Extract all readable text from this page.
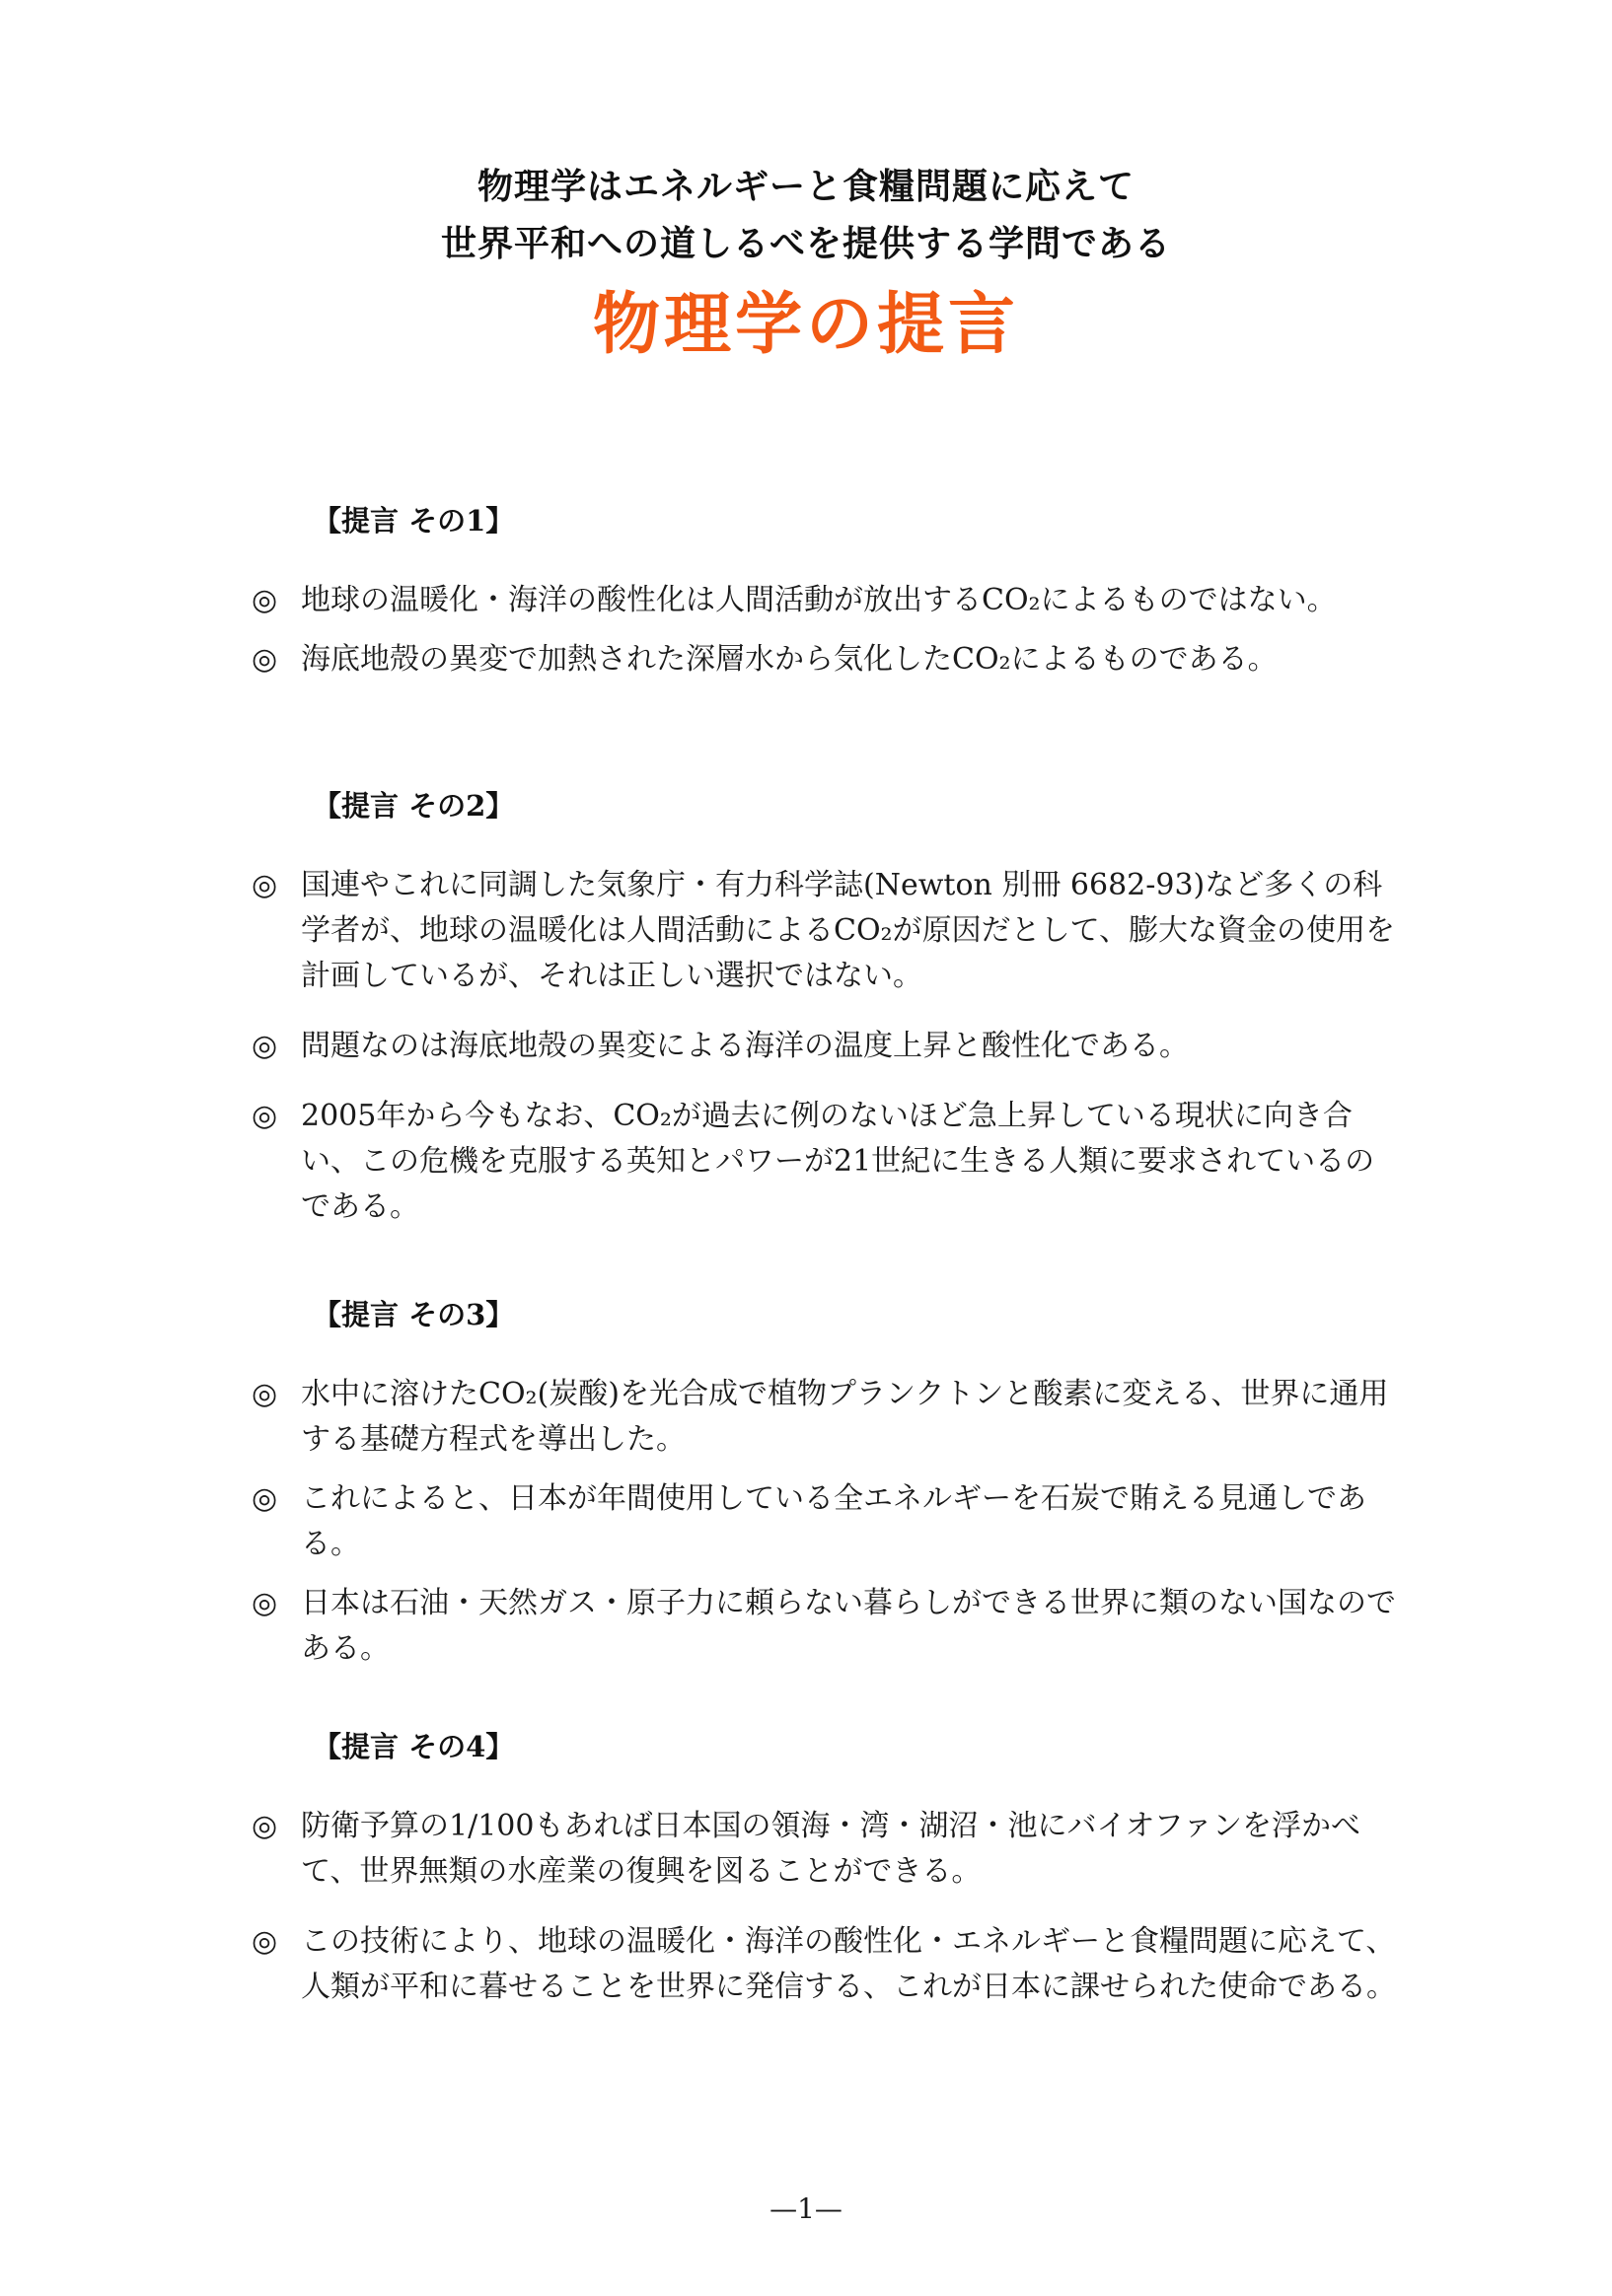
物理学はエネルギーと食糧問題に応えて
世界平和への道しるべを提供する学問である
物理学の提言
【提言 その1】
◎ 地球の温暖化・海洋の酸性化は人間活動が放出するCO₂によるものではない。
◎ 海底地殻の異変で加熱された深層水から気化したCO₂によるものである。
【提言 その2】
◎ 国連やこれに同調した気象庁・有力科学誌(Newton 別冊 6682-93)など多くの科学者が、地球の温暖化は人間活動によるCO₂が原因だとして、膨大な資金の使用を計画しているが、それは正しい選択ではない。
◎ 問題なのは海底地殻の異変による海洋の温度上昇と酸性化である。
◎ 2005年から今もなお、CO₂が過去に例のないほど急上昇している現状に向き合い、この危機を克服する英知とパワーが21世紀に生きる人類に要求されているのである。
【提言 その3】
◎ 水中に溶けたCO₂(炭酸)を光合成で植物プランクトンと酸素に変える、世界に通用する基礎方程式を導出した。
◎ これによると、日本が年間使用している全エネルギーを石炭で賄える見通しである。
◎ 日本は石油・天然ガス・原子力に頼らない暮らしができる世界に類のない国なのである。
【提言 その4】
◎ 防衛予算の1/100もあれば日本国の領海・湾・湖沼・池にバイオファンを浮かべて、世界無類の水産業の復興を図ることができる。
◎ この技術により、地球の温暖化・海洋の酸性化・エネルギーと食糧問題に応えて、人類が平和に暮せることを世界に発信する、これが日本に課せられた使命である。
—1—
